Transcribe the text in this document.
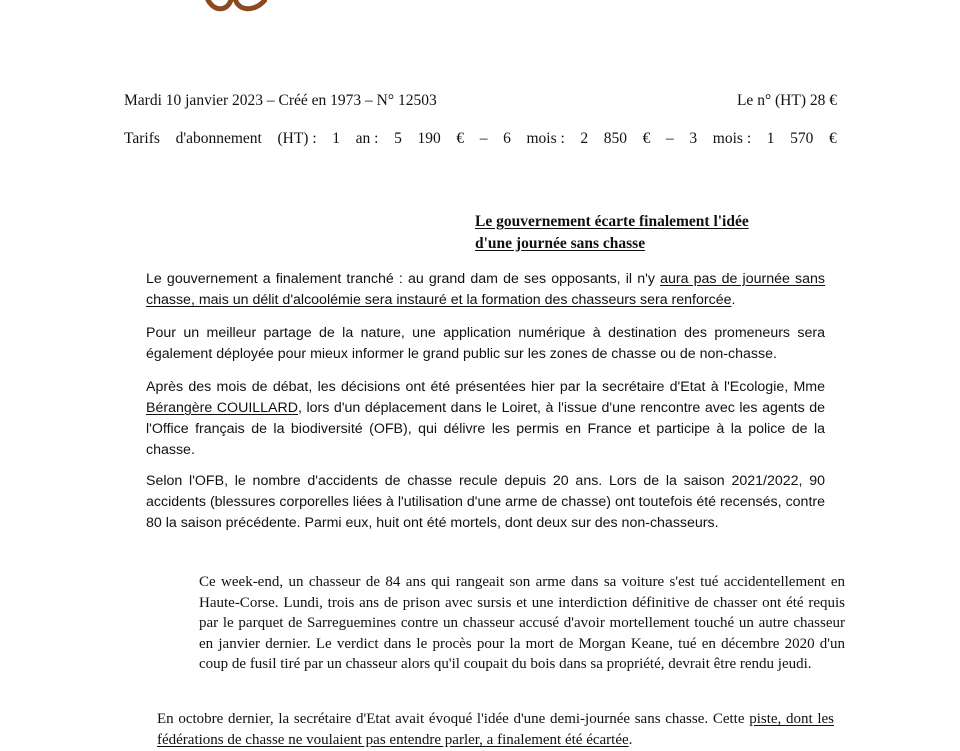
Mardi 10 janvier 2023 – Créé en 1973 – N° 12503	Le n° (HT) 28 €
Tarifs d'abonnement (HT) : 1 an : 5 190 € – 6 mois : 2 850 € – 3 mois : 1 570 €
Le gouvernement écarte finalement l'idée
d'une journée sans chasse

Le gouvernement a finalement tranché : au grand dam de ses opposants, il n'y aura pas de journée sans chasse, mais un délit d'alcoolémie sera instauré et la formation des chasseurs sera renforcée.

Pour un meilleur partage de la nature, une application numérique à destination des promeneurs sera également déployée pour mieux informer le grand public sur les zones de chasse ou de non-chasse.

Après des mois de débat, les décisions ont été présentées hier par la secrétaire d'Etat à l'Ecologie, Mme Bérangère COUILLARD, lors d'un déplacement dans le Loiret, à l'issue d'une rencontre avec les agents de l'Office français de la biodiversité (OFB), qui délivre les permis en France et participe à la police de la chasse.

Selon l'OFB, le nombre d'accidents de chasse recule depuis 20 ans. Lors de la saison 2021/2022, 90 accidents (blessures corporelles liées à l'utilisation d'une arme de chasse) ont toutefois été recensés, contre 80 la saison précédente. Parmi eux, huit ont été mortels, dont deux sur des non-chasseurs.

Ce week-end, un chasseur de 84 ans qui rangeait son arme dans sa voiture s'est tué accidentellement en Haute-Corse. Lundi, trois ans de prison avec sursis et une interdiction définitive de chasser ont été requis par le parquet de Sarreguemines contre un chasseur accusé d'avoir mortellement touché un autre chasseur en janvier dernier. Le verdict dans le procès pour la mort de Morgan Keane, tué en décembre 2020 d'un coup de fusil tiré par un chasseur alors qu'il coupait du bois dans sa propriété, devrait être rendu jeudi.

En octobre dernier, la secrétaire d'Etat avait évoqué l'idée d'une demi-journée sans chasse. Cette piste, dont les fédérations de chasse ne voulaient pas entendre parler, a finalement été écartée.
